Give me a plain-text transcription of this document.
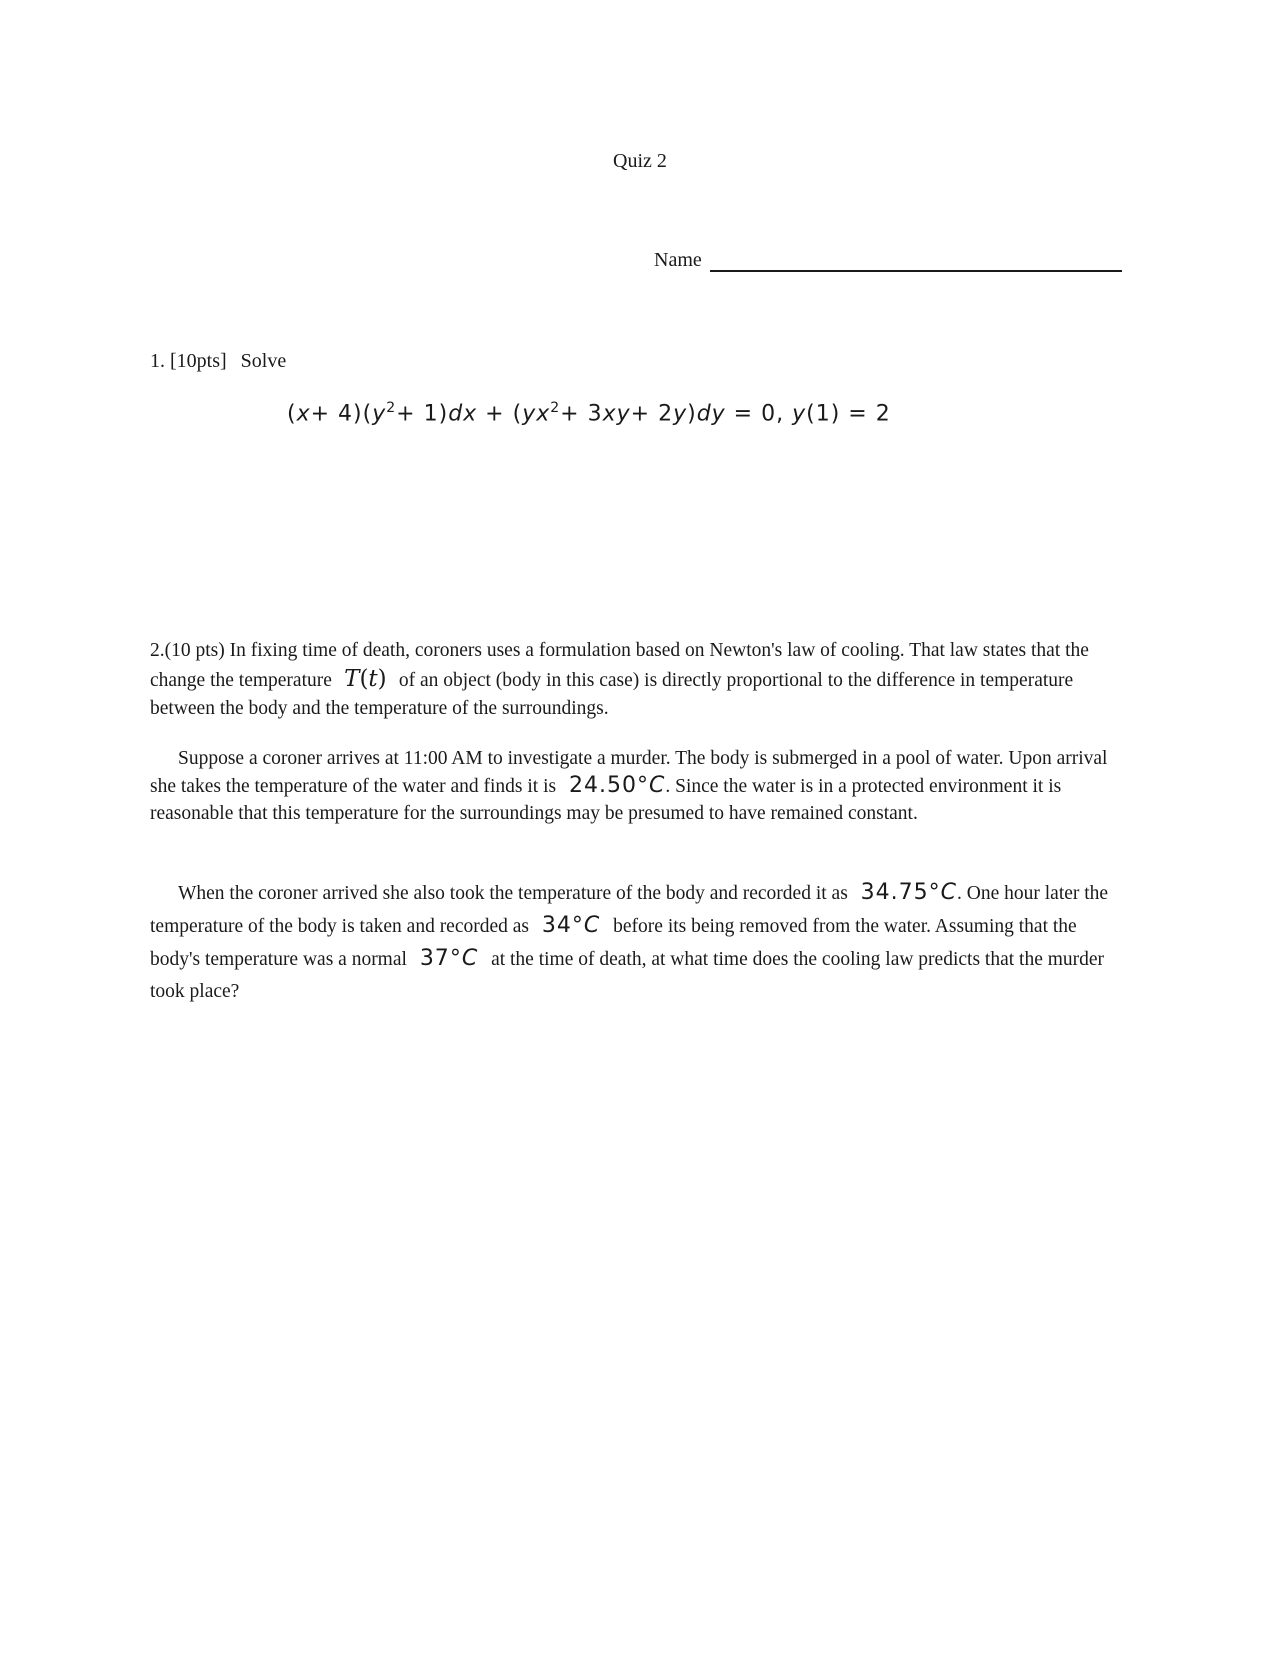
Quiz 2
Name
1. [10pts] Solve
$(x+ 4)(y^2+ 1)dx + (yx^2+ 3xy+ 2y)dy = 0$, y(1) = 2
2.(10 pts) In fixing time of death, coroners uses a formulation based on Newton's law of cooling. That law states that the change the temperature T(t)  of an object (body in this case) is directly proportional to the difference in temperature between the body and the temperature of the surroundings.
Suppose a coroner arrives at 11:00 AM to investigate a murder. The body is submerged in a pool of water. Upon arrival she takes the temperature of the water and finds it is 24.50°C. Since the water is in a protected environment it is reasonable that this temperature for the surroundings may be presumed to have remained constant.
When the coroner arrived she also took the temperature of the body and recorded it as 34.75°C. One hour later the temperature of the body is taken and recorded as 34°C before its being removed from the water. Assuming that the body's temperature was a normal 37°C at the time of death, at what time does the cooling law predicts that the murder took place?
